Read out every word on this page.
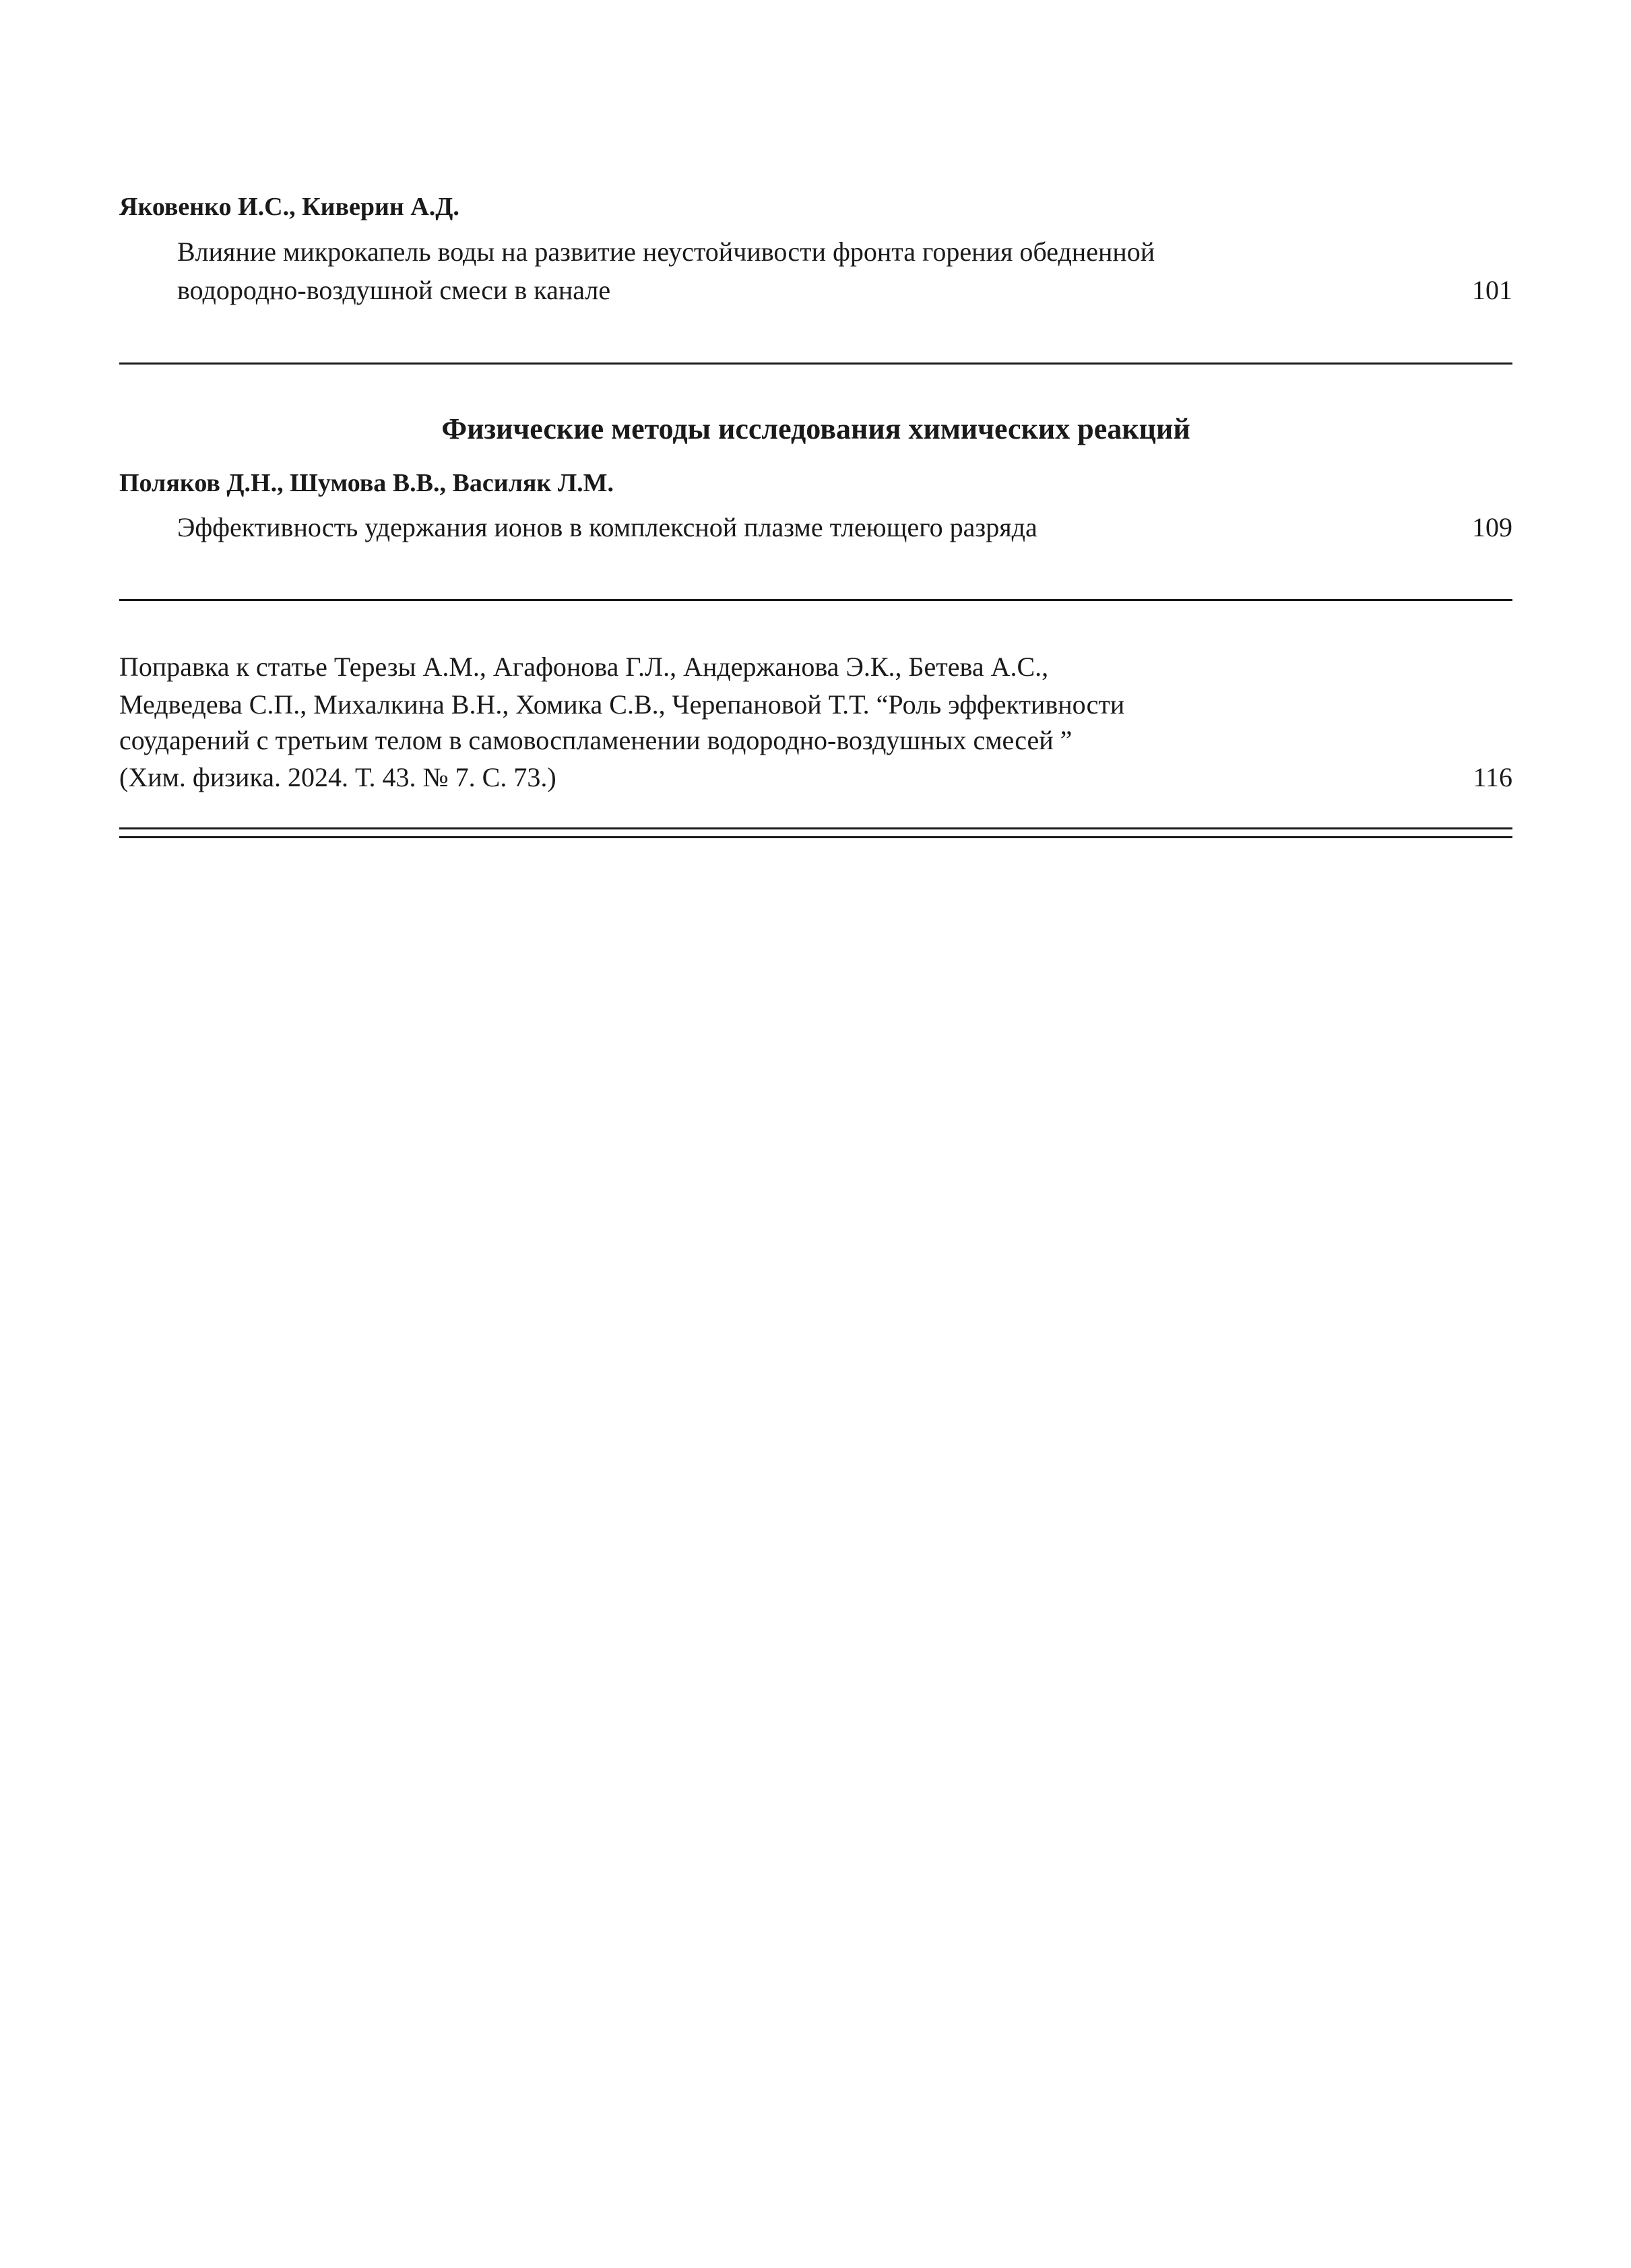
Яковенко И.С., Киверин А.Д.
Влияние микрокапель воды на развитие неустойчивости фронта горения обедненной
водородно-воздушной смеси в канале	101
Физические методы исследования химических реакций
Поляков Д.Н., Шумова В.В., Василяк Л.М.
Эффективность удержания ионов в комплексной плазме тлеющего разряда	109
Поправка к статье Терезы А.М., Агафонова Г.Л., Андержанова Э.К., Бетева А.С.,
Медведева С.П., Михалкина В.Н., Хомика С.В., Черепановой Т.Т. “Роль эффективности
соударений с третьим телом в самовоспламенении водородно-воздушных смесей ”
(Хим. физика. 2024. Т. 43. № 7. С. 73.)	116
